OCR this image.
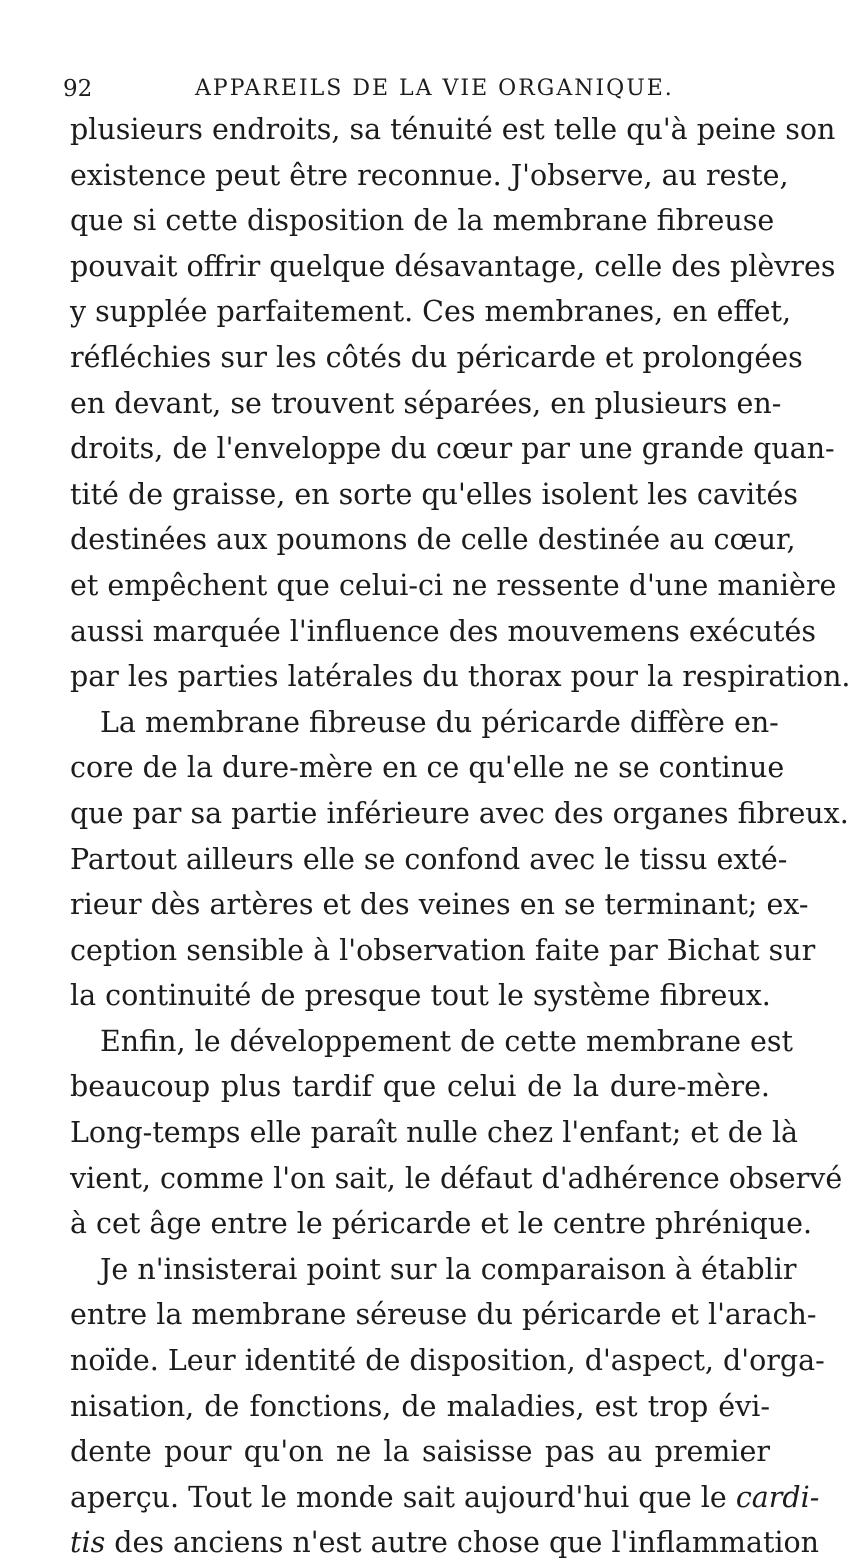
92	APPAREILS DE LA VIE ORGANIQUE.
plusieurs endroits, sa ténuité est telle qu'à peine son
existence peut être reconnue. J'observe, au reste,
que si cette disposition de la membrane fibreuse
pouvait offrir quelque désavantage, celle des plèvres
y supplée parfaitement. Ces membranes, en effet,
réfléchies sur les côtés du péricarde et prolongées
en devant, se trouvent séparées, en plusieurs en-
droits, de l'enveloppe du cœur par une grande quan-
tité de graisse, en sorte qu'elles isolent les cavités
destinées aux poumons de celle destinée au cœur,
et empêchent que celui-ci ne ressente d'une manière
aussi marquée l'influence des mouvemens exécutés
par les parties latérales du thorax pour la respiration.
La membrane fibreuse du péricarde diffère en-
core de la dure-mère en ce qu'elle ne se continue
que par sa partie inférieure avec des organes fibreux.
Partout ailleurs elle se confond avec le tissu exté-
rieur dès artères et des veines en se terminant; ex-
ception sensible à l'observation faite par Bichat sur
la continuité de presque tout le système fibreux.
Enfin, le développement de cette membrane est
beaucoup plus tardif que celui de la dure-mère.
Long-temps elle paraît nulle chez l'enfant; et de là
vient, comme l'on sait, le défaut d'adhérence observé
à cet âge entre le péricarde et le centre phrénique.
Je n'insisterai point sur la comparaison à établir
entre la membrane séreuse du péricarde et l'arach-
noïde. Leur identité de disposition, d'aspect, d'orga-
nisation, de fonctions, de maladies, est trop évi-
dente pour qu'on ne la saisisse pas au premier
aperçu. Tout le monde sait aujourd'hui que le cardi-
tis des anciens n'est autre chose que l'inflammation
